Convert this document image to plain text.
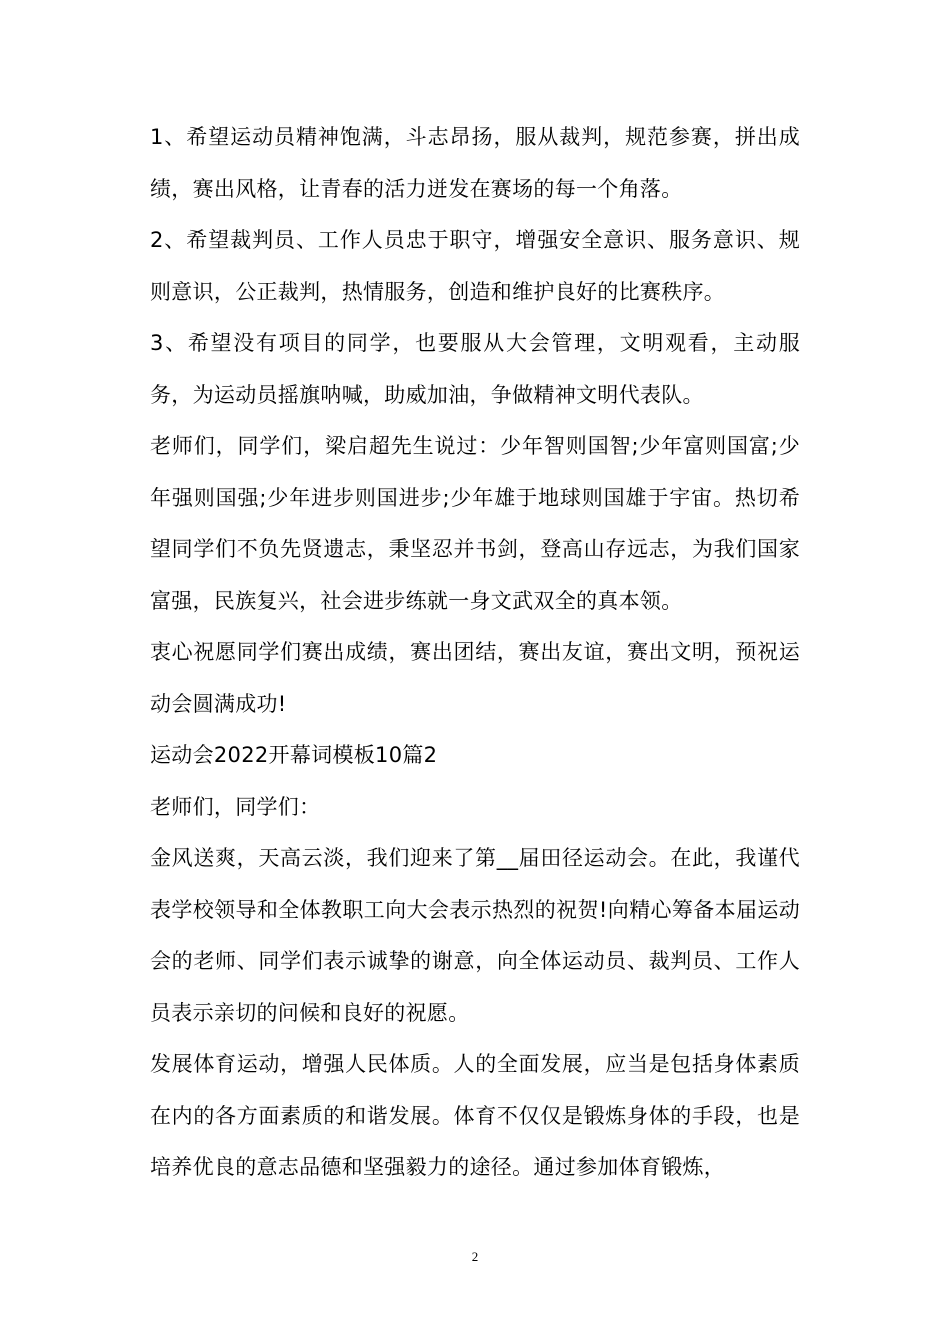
1、希望运动员精神饱满，斗志昂扬，服从裁判，规范参赛，拼出成绩，赛出风格，让青春的活力迸发在赛场的每一个角落。

2、希望裁判员、工作人员忠于职守，增强安全意识、服务意识、规则意识，公正裁判，热情服务，创造和维护良好的比赛秩序。

3、希望没有项目的同学，也要服从大会管理，文明观看，主动服务，为运动员摇旗呐喊，助威加油，争做精神文明代表队。

老师们，同学们，梁启超先生说过：少年智则国智;少年富则国富;少年强则国强;少年进步则国进步;少年雄于地球则国雄于宇宙。热切希望同学们不负先贤遗志，秉坚忍并书剑，登高山存远志，为我们国家富强，民族复兴，社会进步练就一身文武双全的真本领。

衷心祝愿同学们赛出成绩，赛出团结，赛出友谊，赛出文明，预祝运动会圆满成功!

运动会2022开幕词模板10篇2

老师们，同学们：

金风送爽，天高云淡，我们迎来了第__届田径运动会。在此，我谨代表学校领导和全体教职工向大会表示热烈的祝贺!向精心筹备本届运动会的老师、同学们表示诚挚的谢意，向全体运动员、裁判员、工作人员表示亲切的问候和良好的祝愿。

发展体育运动，增强人民体质。人的全面发展，应当是包括身体素质在内的各方面素质的和谐发展。体育不仅仅是锻炼身体的手段，也是培养优良的意志品德和坚强毅力的途径。通过参加体育锻炼，

2
